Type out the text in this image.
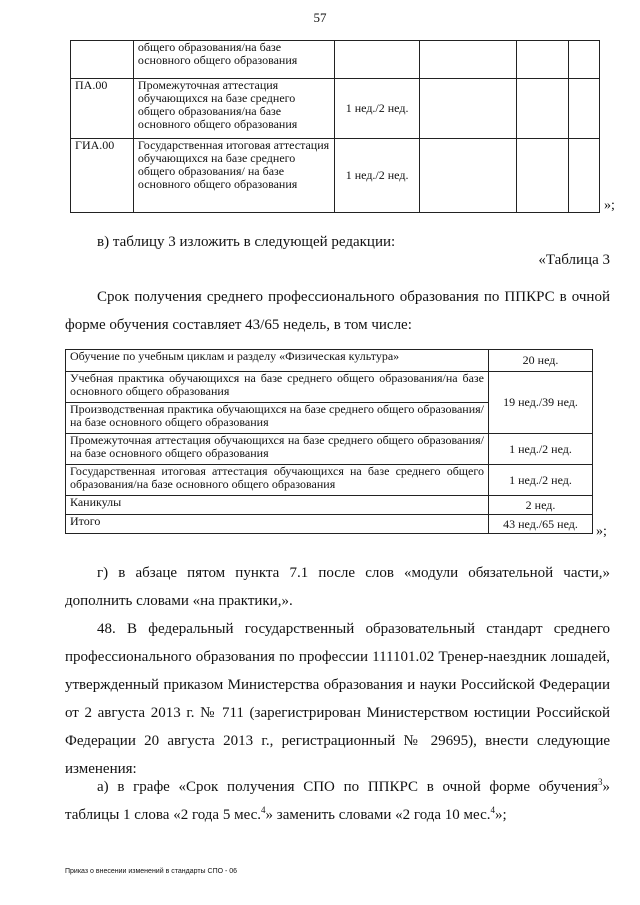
57
	общего образования/на базе основного общего образования				
ПА.00	Промежуточная аттестация обучающихся на базе среднего общего образования/на базе основного общего образования	1 нед./2 нед.			
ГИА.00	Государственная итоговая аттестация обучающихся на базе среднего общего образования/ на базе основного общего образования	1 нед./2 нед.			
»;
в) таблицу 3 изложить в следующей редакции:
«Таблица 3
Срок получения среднего профессионального образования по ППКРС в очной форме обучения составляет 43/65 недель, в том числе:
Обучение по учебным циклам и разделу «Физическая культура»	20 нед.
Учебная практика обучающихся на базе среднего общего образования/на базе основного общего образования	19 нед./39 нед.
Производственная практика обучающихся на базе среднего общего образования/на базе основного общего образования	
Промежуточная аттестация обучающихся на базе среднего общего образования/на базе основного общего образования	1 нед./2 нед.
Государственная итоговая аттестация обучающихся на базе среднего общего образования/на базе основного общего образования	1 нед./2 нед.
Каникулы	2 нед.
Итого	43 нед./65 нед.
»;
г) в абзаце пятом пункта 7.1 после слов «модули обязательной части,» дополнить словами «на практики,».
48. В федеральный государственный образовательный стандарт среднего профессионального образования по профессии 111101.02 Тренер-наездник лошадей, утвержденный приказом Министерства образования и науки Российской Федерации от 2 августа 2013 г. № 711 (зарегистрирован Министерством юстиции Российской Федерации 20 августа 2013 г., регистрационный № 29695), внести следующие изменения:
а) в графе «Срок получения СПО по ППКРС в очной форме обучения$^3$» таблицы 1 слова «2 года 5 мес.$^4$» заменить словами «2 года 10 мес.$^4$»;
Приказ о внесении изменений в стандарты СПО - 06
